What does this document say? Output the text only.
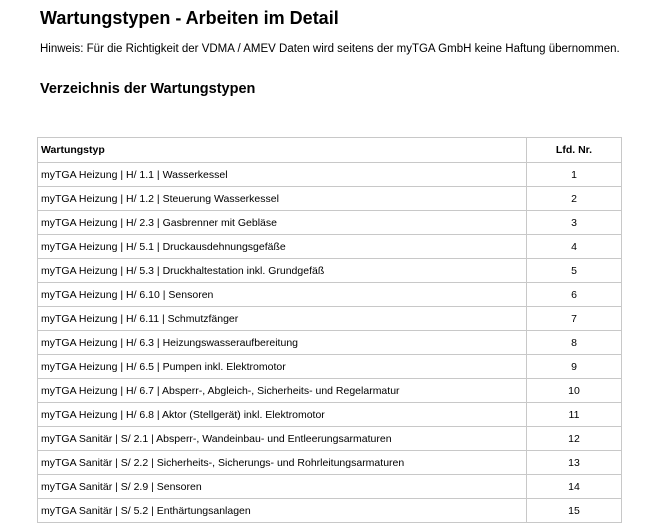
Wartungstypen - Arbeiten im Detail

Hinweis: Für die Richtigkeit der VDMA / AMEV Daten wird seitens der myTGA GmbH keine Haftung übernommen.

Verzeichnis der Wartungstypen
Wartungstyp	Lfd. Nr.
myTGA Heizung | H/ 1.1 | Wasserkessel	1
myTGA Heizung | H/ 1.2 | Steuerung Wasserkessel	2
myTGA Heizung | H/ 2.3 | Gasbrenner mit Gebläse	3
myTGA Heizung | H/ 5.1 | Druckausdehnungsgefäße	4
myTGA Heizung | H/ 5.3 | Druckhaltestation inkl. Grundgefäß	5
myTGA Heizung | H/ 6.10 | Sensoren	6
myTGA Heizung | H/ 6.11 | Schmutzfänger	7
myTGA Heizung | H/ 6.3 | Heizungswasseraufbereitung	8
myTGA Heizung | H/ 6.5 | Pumpen inkl. Elektromotor	9
myTGA Heizung | H/ 6.7 | Absperr-, Abgleich-, Sicherheits- und Regelarmatur	10
myTGA Heizung | H/ 6.8 | Aktor (Stellgerät) inkl. Elektromotor	11
myTGA Sanitär | S/ 2.1 | Absperr-, Wandeinbau- und Entleerungsarmaturen	12
myTGA Sanitär | S/ 2.2 | Sicherheits-, Sicherungs- und Rohrleitungsarmaturen	13
myTGA Sanitär | S/ 2.9 | Sensoren	14
myTGA Sanitär | S/ 5.2 | Enthärtungsanlagen	15
